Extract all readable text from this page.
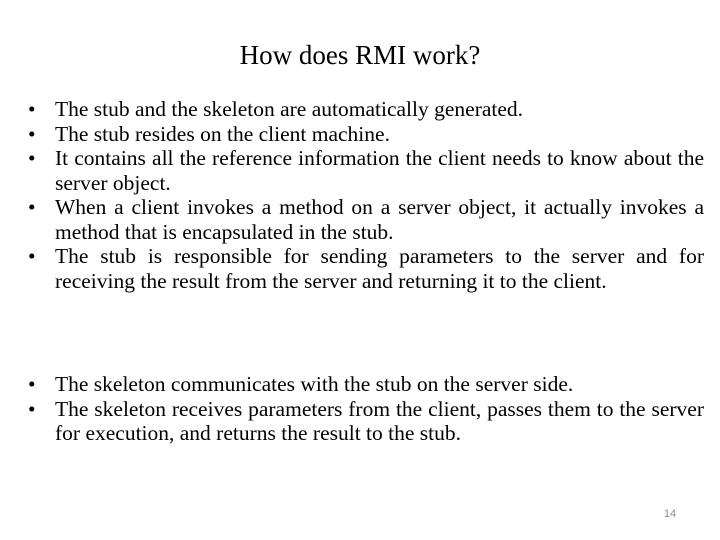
How does RMI work?
• The stub and the skeleton are automatically generated.
• The stub resides on the client machine.
• It contains all the reference information the client needs to know about the server object.
• When a client invokes a method on a server object, it actually invokes a method that is encapsulated in the stub.
• The stub is responsible for sending parameters to the server and for receiving the result from the server and returning it to the client.
• The skeleton communicates with the stub on the server side.
• The skeleton receives parameters from the client, passes them to the server for execution, and returns the result to the stub.
14
